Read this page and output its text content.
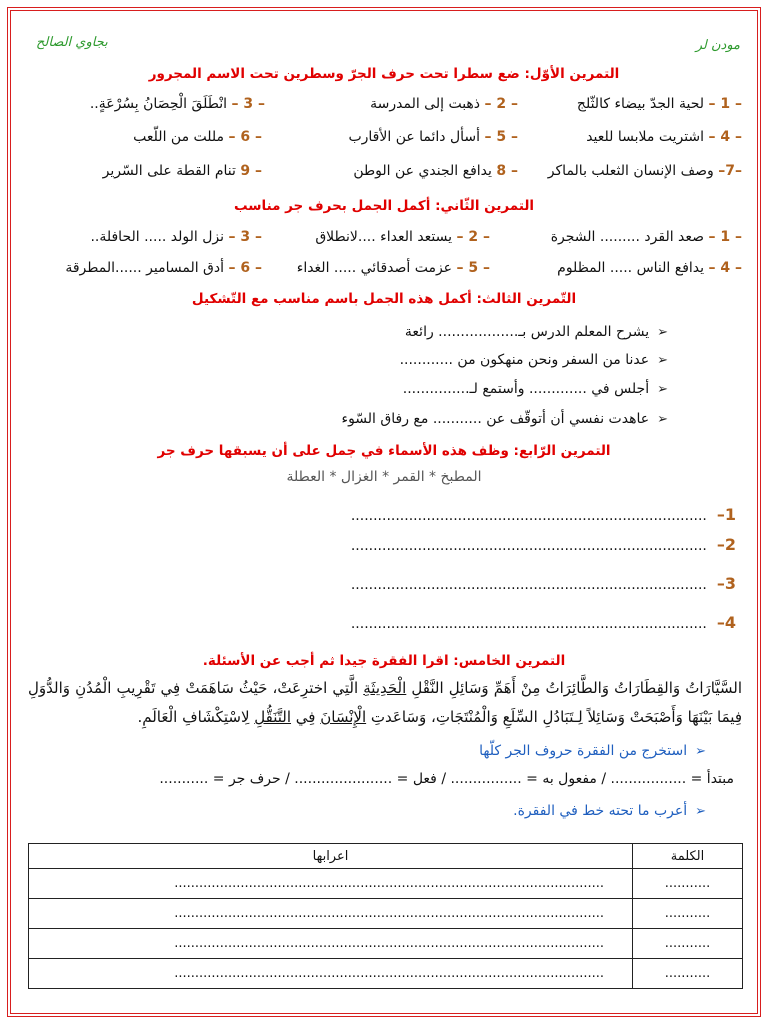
مودن لر
بجاوي الصالح
التمرين الأوّل: ضع سطرا تحت حرف الجرّ وسطرين تحت الاسم المجرور
– 1 – لحية الجدّ بيضاء كالثّلج
– 2 – ذهبت إلى المدرسة
– 3 – انْطَلَقَ الْحِصَانُ بِسُرْعَةٍ..
– 4 – اشتريت ملابسا للعيد
– 5 – أسأل دائما عن الأقارب
– 6 – مللت من اللّعب
–7– وصف الإنسان الثعلب بالماكر
– 8 يدافع الجندي عن الوطن
– 9 تنام القطة على السّرير
التمرين الثّاني: أكمل الجمل بحرف جر مناسب
– 1 – صعد القرد ......... الشجرة
– 2 – يستعد العداء ....لانطلاق
– 3 – نزل الولد ..... الحافلة..
– 4 – يدافع الناس ..... المظلوم
– 5 – عزمت أصدقائي ..... الغداء
– 6 – أدق المسامير ......المطرقة
التّمرين الثالث: أكمل هذه الجمل باسم مناسب مع التّشكيل
➢يشرح المعلم الدرس بـ.................. رائعة
➢عدنا من السفر ونحن منهكون من ............
➢أجلس في ............. وأستمع لـ...............
➢عاهدت نفسي أن أتوقّف عن ........... مع رفاق السّوء
التمرين الرّابع: وظف هذه الأسماء في جمل على أن يسبقها حرف جر
المطبخ * القمر * الغزال * العطلة
–1................................................................................
–2................................................................................
–3................................................................................
–4................................................................................
التمرين الخامس: اقرا الفقرة جيدا ثم أجب عن الأسئلة.
السَّيَّارَاتُ وَالقِطَارَاتُ وَالطَّائِرَاتُ مِنْ أَهَمِّ وَسَائِلِ النَّقْلِ الْحَدِيثَةِ الَّتِي اخترِعَتْ، حَيْثُ سَاهَمَتْ فِي تَقْرِيبِ الْمُدُنِ وَالدُّوَلِ فِيمَا بَيْنَهَا وَأَصْبَحَتْ وَسَائِلاً لِـتَبَادُلِ السِّلَعِ وَالْمُنْتَجَاتِ، وَسَاعَدتِ الْإِنْسَانَ فِي التَّنَقُّلِ لِاسْتِكْشَافِ الْعَالَمِ.
➢استخرج من الفقرة حروف الجر كلّها
مبتدأ = ................. / مفعول به = ................ / فعل = ...................... / حرف جر = ...........
➢أعرب ما تحته خط في الفقرة.
الكلمة	اعرابها
...........	........................................................................................................
...........	........................................................................................................
...........	........................................................................................................
...........	........................................................................................................
